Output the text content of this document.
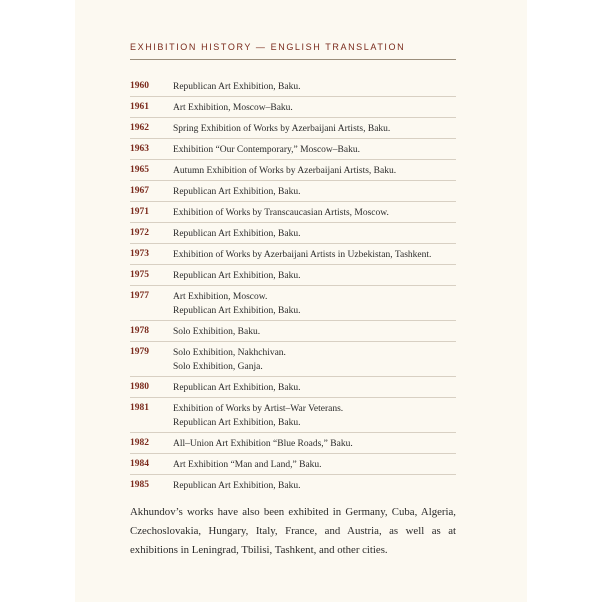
EXHIBITION HISTORY — ENGLISH TRANSLATION
1960	Republican Art Exhibition, Baku.
1961	Art Exhibition, Moscow–Baku.
1962	Spring Exhibition of Works by Azerbaijani Artists, Baku.
1963	Exhibition “Our Contemporary,” Moscow–Baku.
1965	Autumn Exhibition of Works by Azerbaijani Artists, Baku.
1967	Republican Art Exhibition, Baku.
1971	Exhibition of Works by Transcaucasian Artists, Moscow.
1972	Republican Art Exhibition, Baku.
1973	Exhibition of Works by Azerbaijani Artists in Uzbekistan, Tashkent.
1975	Republican Art Exhibition, Baku.
1977	Art Exhibition, Moscow.
Republican Art Exhibition, Baku.
1978	Solo Exhibition, Baku.
1979	Solo Exhibition, Nakhchivan.
Solo Exhibition, Ganja.
1980	Republican Art Exhibition, Baku.
1981	Exhibition of Works by Artist–War Veterans.
Republican Art Exhibition, Baku.
1982	All–Union Art Exhibition “Blue Roads,” Baku.
1984	Art Exhibition “Man and Land,” Baku.
1985	Republican Art Exhibition, Baku.

Akhundov’s works have also been exhibited in Germany, Cuba, Algeria, Czechoslovakia, Hungary, Italy, France, and Austria, as well as at exhibitions in Leningrad, Tbilisi, Tashkent, and other cities.
